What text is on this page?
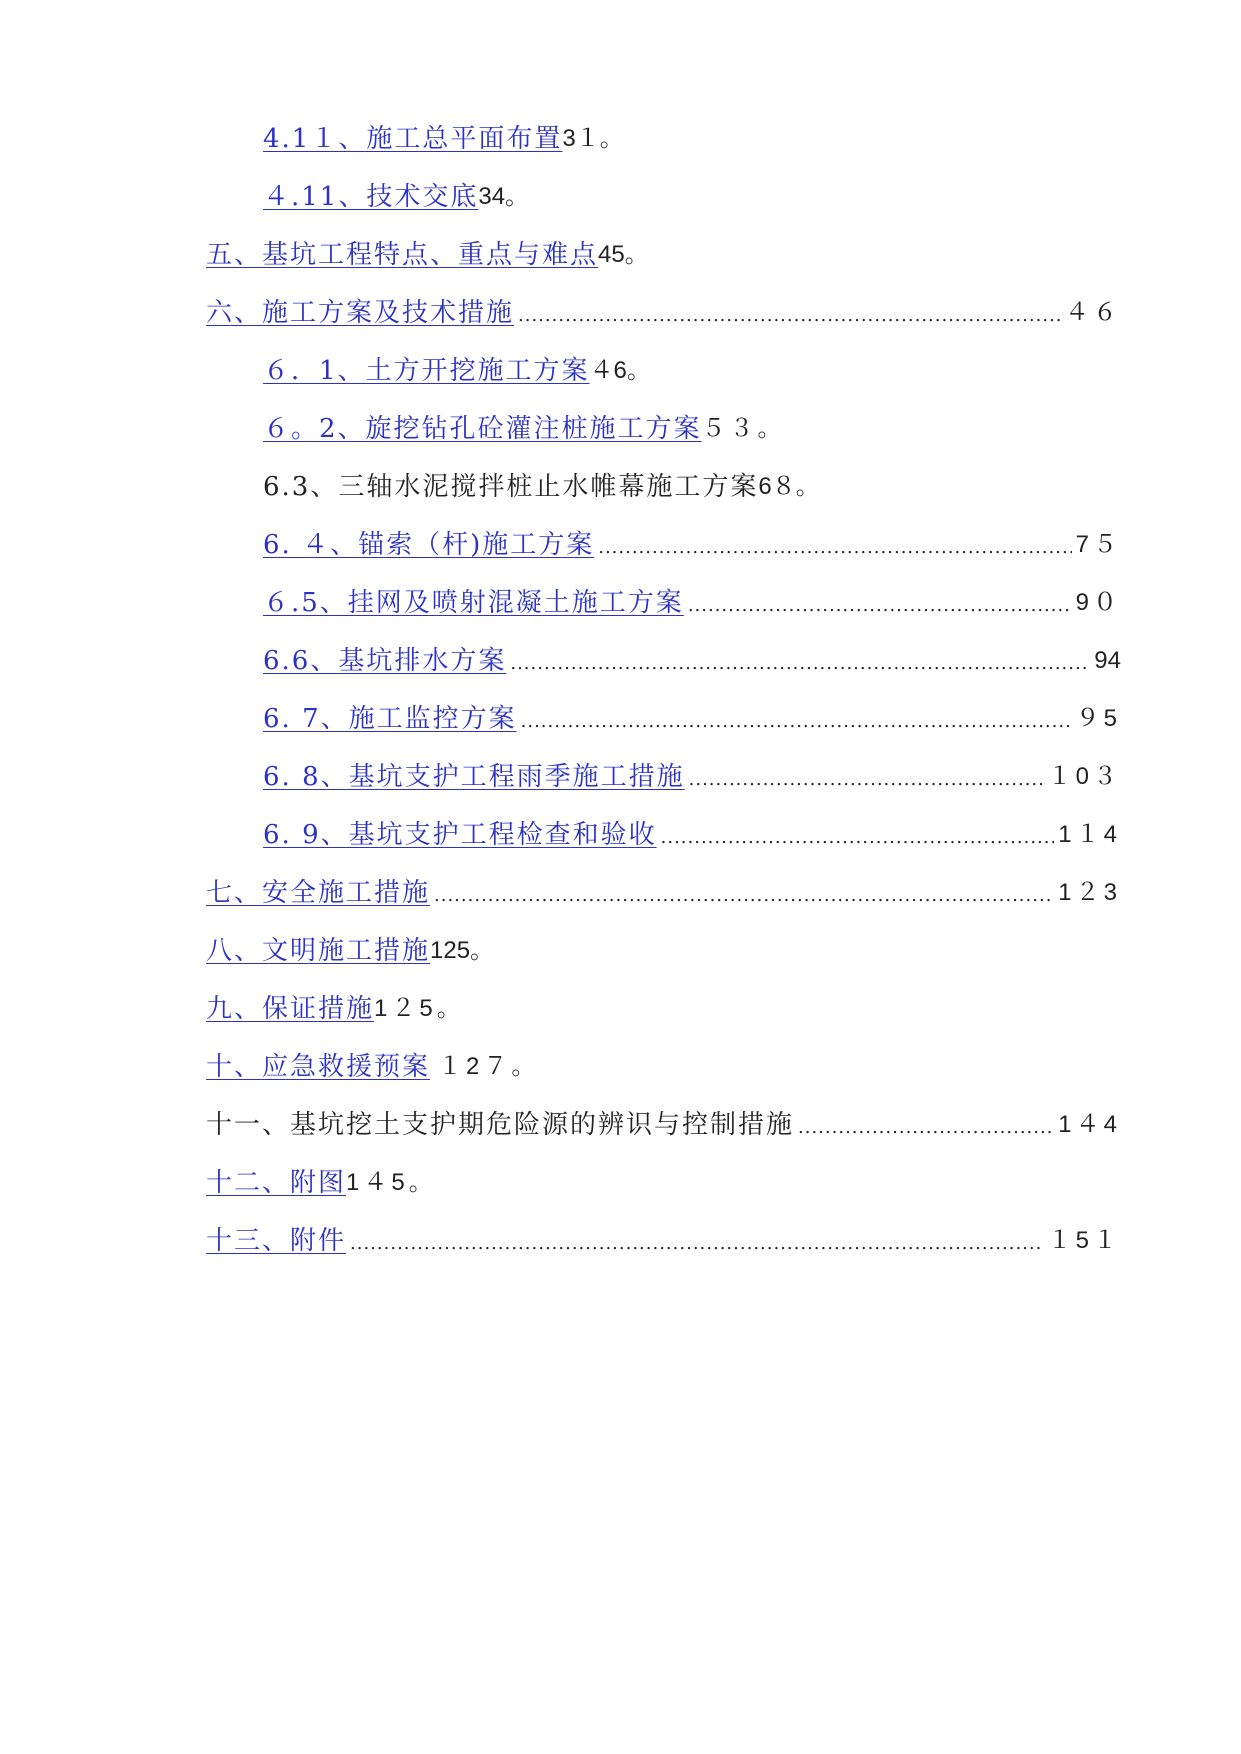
4.1１、施工总平面布置 3１。
４.11、技术交底 34。
五、基坑工程特点、重点与难点 45。
六、施工方案及技术措施 .....	４６
６．1、土方开挖施工方案 ４6。
６。2、旋挖钻孔砼灌注桩施工方案 ５３。
6.3、三轴水泥搅拌桩止水帷幕施工方案 6８。
6. ４、锚索（杆)施工方案 .....	7５
６.5、挂网及喷射混凝土施工方案 .....	9０
6.6、基坑排水方案 .....	94
6. 7、施工监控方案 .....	９5
6. 8、基坑支护工程雨季施工措施 .....	１0３
6. 9、基坑支护工程检查和验收 .....	1１4
七、安全施工措施 .....	1２3
八、文明施工措施 125。
九、保证措施 1２5。
十、应急救援预案 １2７。
十一、基坑挖土支护期危险源的辨识与控制措施 .....	1４4
十二、附图 1４5。
十三、附件 .....	１5１
